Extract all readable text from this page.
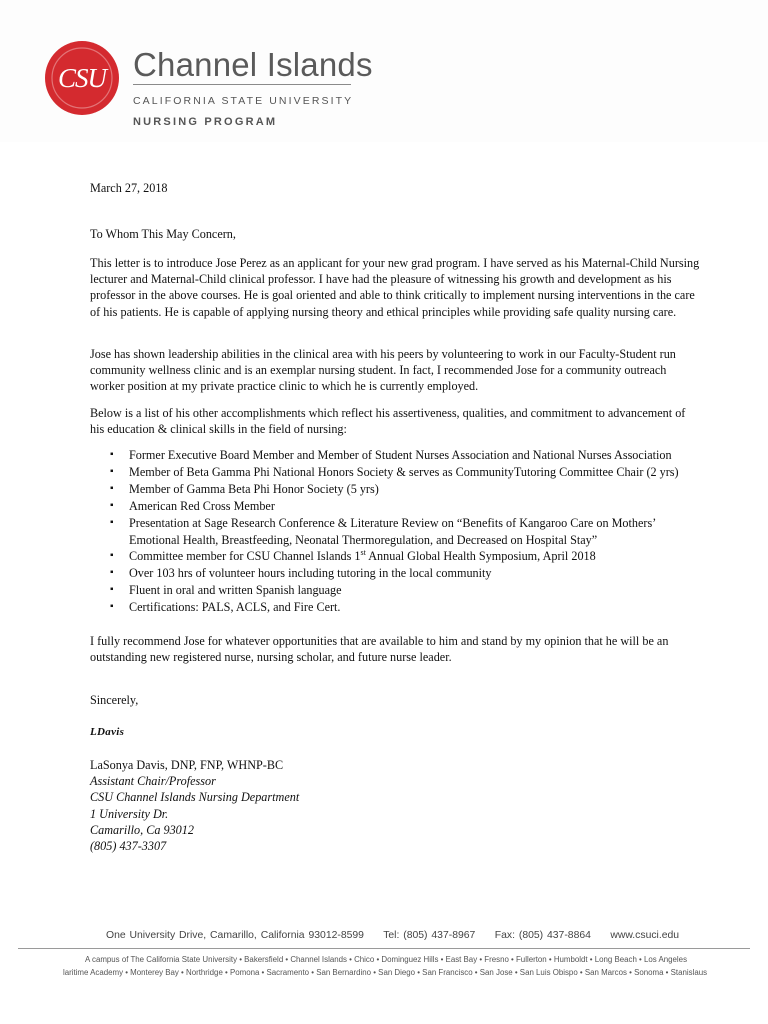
CSU Channel Islands
CALIFORNIA STATE UNIVERSITY
NURSING PROGRAM
March 27, 2018
To Whom This May Concern,
This letter is to introduce Jose Perez as an applicant for your new grad program. I have served as his Maternal-Child Nursing lecturer and Maternal-Child clinical professor. I have had the pleasure of witnessing his growth and development as his professor in the above courses. He is goal oriented and able to think critically to implement nursing interventions in the care of his patients. He is capable of applying nursing theory and ethical principles while providing safe quality nursing care.
Jose has shown leadership abilities in the clinical area with his peers by volunteering to work in our Faculty-Student run community wellness clinic and is an exemplar nursing student. In fact, I recommended Jose for a community outreach worker position at my private practice clinic to which he is currently employed.
Below is a list of his other accomplishments which reflect his assertiveness, qualities, and commitment to advancement of his education & clinical skills in the field of nursing:
▪ Former Executive Board Member and Member of Student Nurses Association and National Nurses Association
▪ Member of Beta Gamma Phi National Honors Society & serves as CommunityTutoring Committee Chair (2 yrs)
▪ Member of Gamma Beta Phi Honor Society (5 yrs)
▪ American Red Cross Member
▪ Presentation at Sage Research Conference & Literature Review on “Benefits of Kangaroo Care on Mothers’ Emotional Health, Breastfeeding, Neonatal Thermoregulation, and Decreased on Hospital Stay”
▪ Committee member for CSU Channel Islands 1st Annual Global Health Symposium, April 2018
▪ Over 103 hrs of volunteer hours including tutoring in the local community
▪ Fluent in oral and written Spanish language
▪ Certifications: PALS, ACLS, and Fire Cert.
I fully recommend Jose for whatever opportunities that are available to him and stand by my opinion that he will be an outstanding new registered nurse, nursing scholar, and future nurse leader.
Sincerely,
LDavis
LaSonya Davis, DNP, FNP, WHNP-BC
Assistant Chair/Professor
CSU Channel Islands Nursing Department
1 University Dr.
Camarillo, Ca 93012
(805) 437-3307
One University Drive, Camarillo, California 93012-8599 Tel: (805) 437-8967 Fax: (805) 437-8864 www.csuci.edu
A campus of The California State University • Bakersfield • Channel Islands • Chico • Dominguez Hills • East Bay • Fresno • Fullerton • Humboldt • Long Beach • Los Angeles
laritime Academy • Monterey Bay • Northridge • Pomona • Sacramento • San Bernardino • San Diego • San Francisco • San Jose • San Luis Obispo • San Marcos • Sonoma • Stanislaus
